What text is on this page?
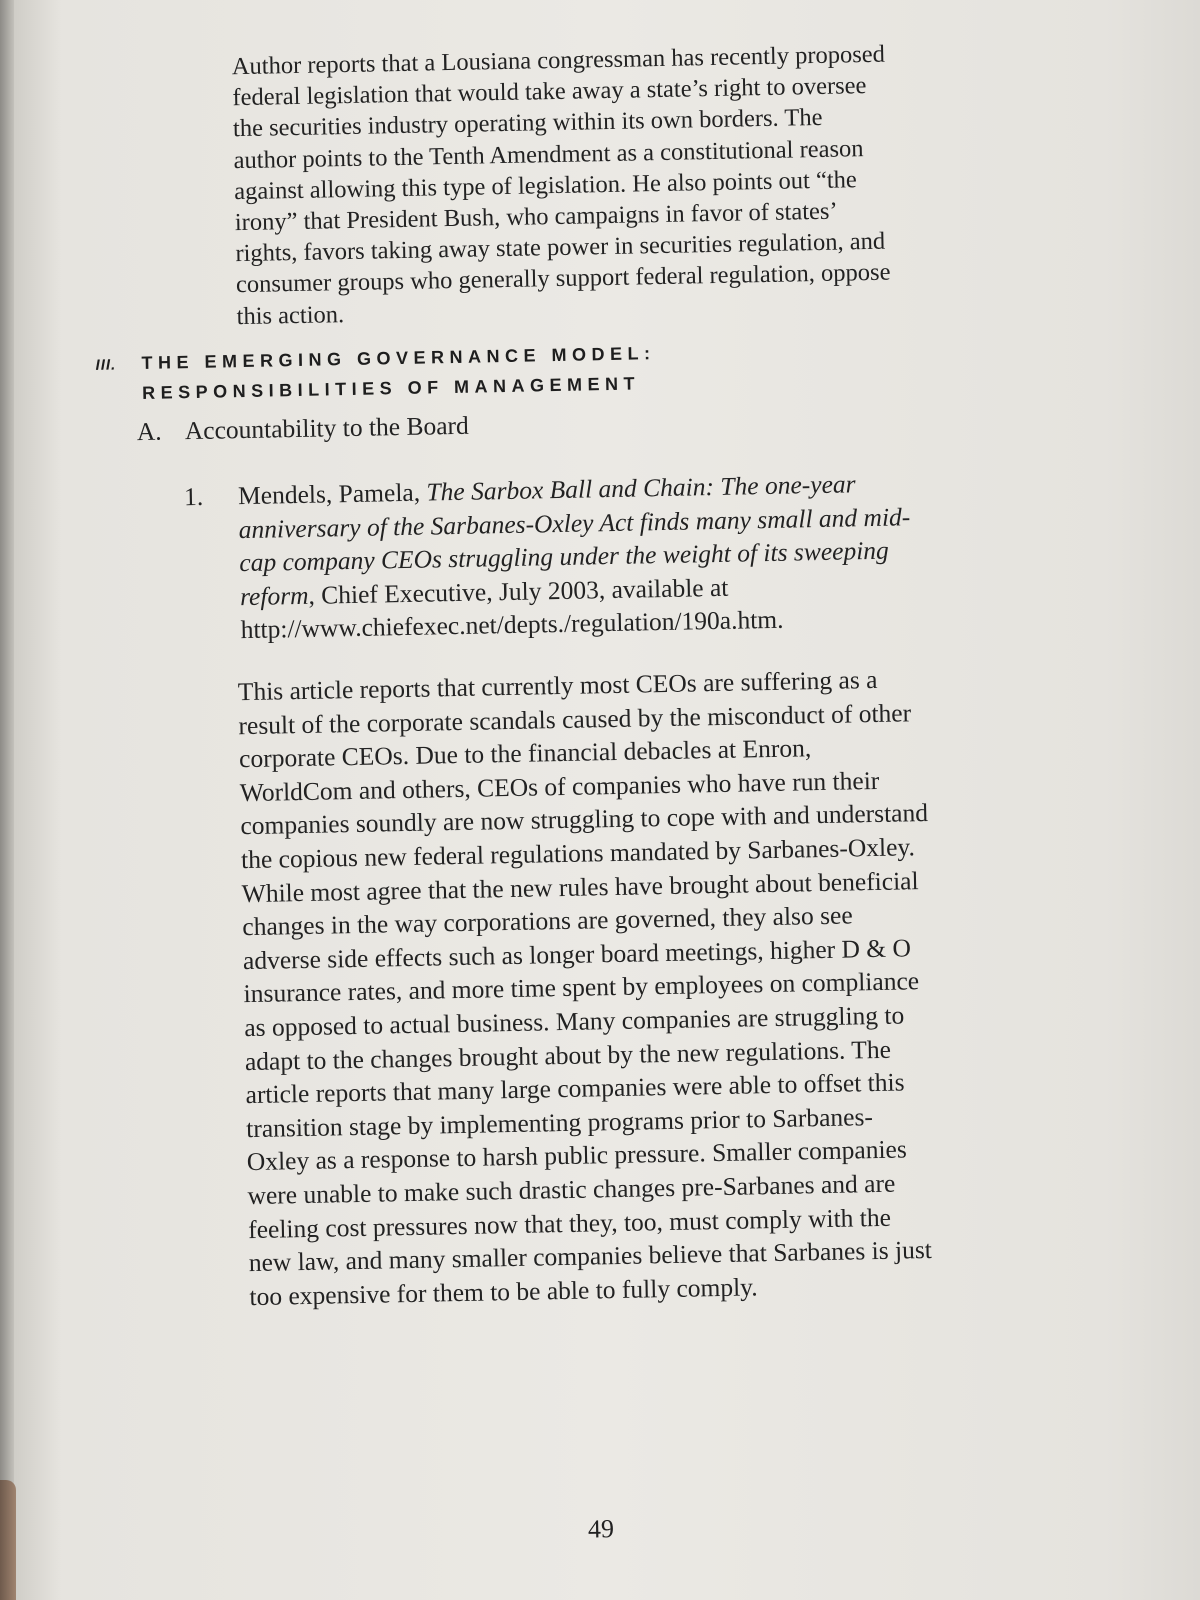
Author reports that a Lousiana congressman has recently proposed
federal legislation that would take away a state’s right to oversee
the securities industry operating within its own borders. The
author points to the Tenth Amendment as a constitutional reason
against allowing this type of legislation. He also points out “the
irony” that President Bush, who campaigns in favor of states’
rights, favors taking away state power in securities regulation, and
consumer groups who generally support federal regulation, oppose
this action.
III. THE EMERGING GOVERNANCE MODEL:
RESPONSIBILITIES OF MANAGEMENT
A. Accountability to the Board
1. Mendels, Pamela, The Sarbox Ball and Chain: The one-year
anniversary of the Sarbanes-Oxley Act finds many small and mid-
cap company CEOs struggling under the weight of its sweeping
reform, Chief Executive, July 2003, available at
http://www.chiefexec.net/depts./regulation/190a.htm.
This article reports that currently most CEOs are suffering as a
result of the corporate scandals caused by the misconduct of other
corporate CEOs. Due to the financial debacles at Enron,
WorldCom and others, CEOs of companies who have run their
companies soundly are now struggling to cope with and understand
the copious new federal regulations mandated by Sarbanes-Oxley.
While most agree that the new rules have brought about beneficial
changes in the way corporations are governed, they also see
adverse side effects such as longer board meetings, higher D & O
insurance rates, and more time spent by employees on compliance
as opposed to actual business. Many companies are struggling to
adapt to the changes brought about by the new regulations. The
article reports that many large companies were able to offset this
transition stage by implementing programs prior to Sarbanes-
Oxley as a response to harsh public pressure. Smaller companies
were unable to make such drastic changes pre-Sarbanes and are
feeling cost pressures now that they, too, must comply with the
new law, and many smaller companies believe that Sarbanes is just
too expensive for them to be able to fully comply.
49
